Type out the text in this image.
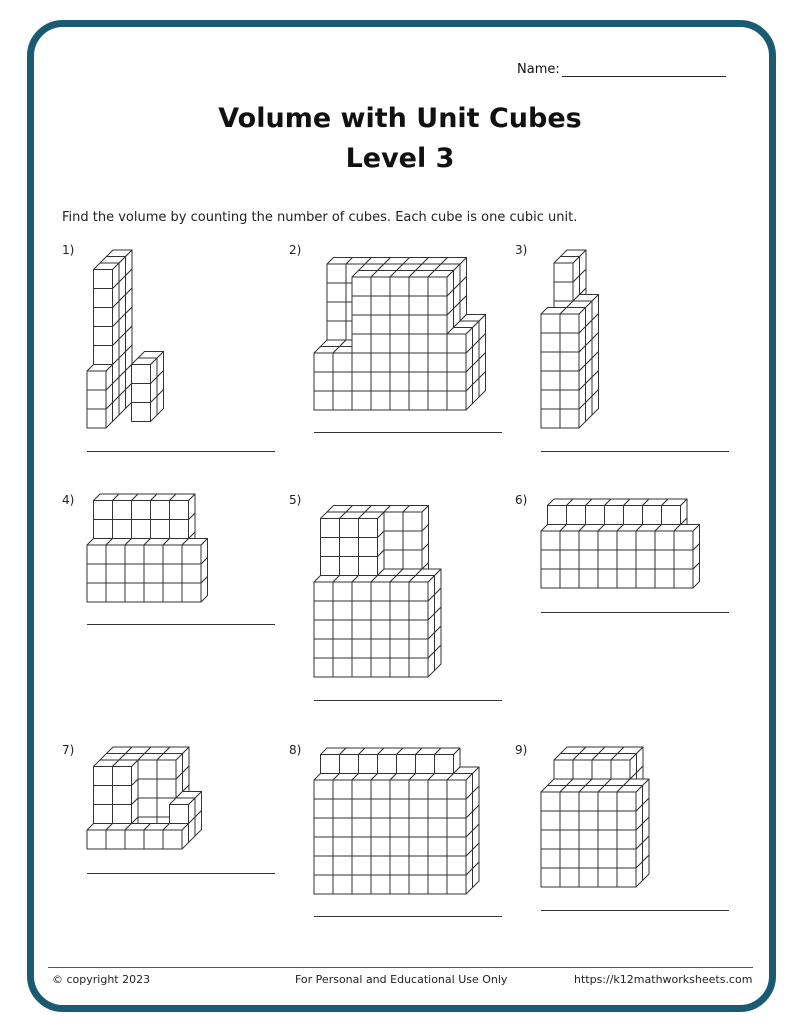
Name:
Volume with Unit Cubes
Level 3
Find the volume by counting the number of cubes. Each cube is one cubic unit.
1)	2)	3)
4)	5)	6)
7)	8)	9)
© copyright 2023	For Personal and Educational Use Only	https://k12mathworksheets.com
